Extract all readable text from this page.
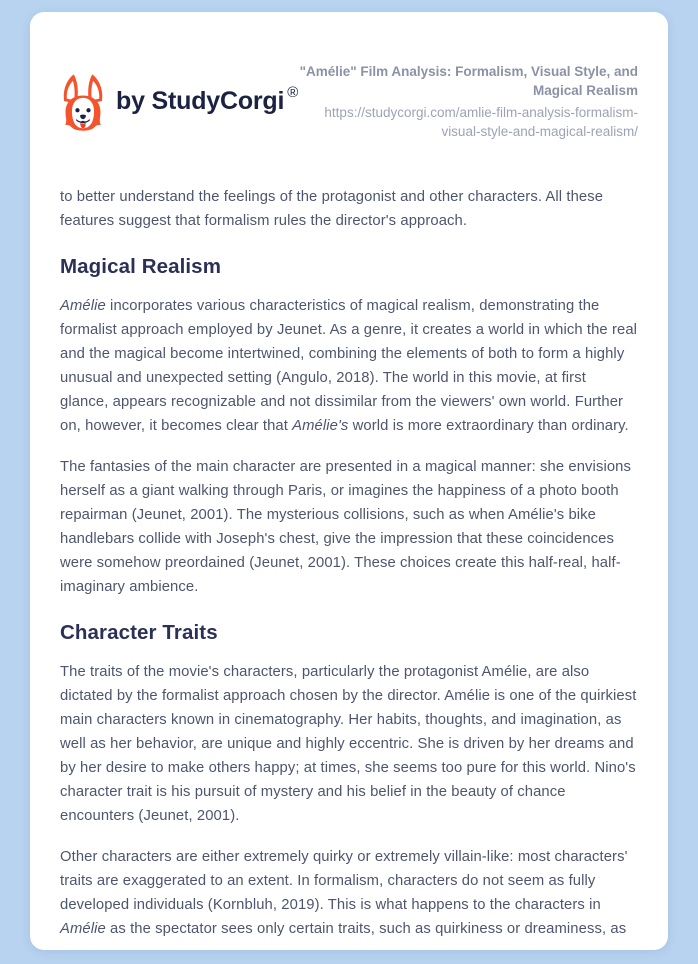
by StudyCorgi ®
"Amélie" Film Analysis: Formalism, Visual Style, and Magical Realism
https://studycorgi.com/amlie-film-analysis-formalism-visual-style-and-magical-realism/

to better understand the feelings of the protagonist and other characters. All these features suggest that formalism rules the director's approach.

Magical Realism

Amélie incorporates various characteristics of magical realism, demonstrating the formalist approach employed by Jeunet. As a genre, it creates a world in which the real and the magical become intertwined, combining the elements of both to form a highly unusual and unexpected setting (Angulo, 2018). The world in this movie, at first glance, appears recognizable and not dissimilar from the viewers' own world. Further on, however, it becomes clear that Amélie's world is more extraordinary than ordinary.

The fantasies of the main character are presented in a magical manner: she envisions herself as a giant walking through Paris, or imagines the happiness of a photo booth repairman (Jeunet, 2001). The mysterious collisions, such as when Amélie's bike handlebars collide with Joseph's chest, give the impression that these coincidences were somehow preordained (Jeunet, 2001). These choices create this half-real, half-imaginary ambience.

Character Traits

The traits of the movie's characters, particularly the protagonist Amélie, are also dictated by the formalist approach chosen by the director. Amélie is one of the quirkiest main characters known in cinematography. Her habits, thoughts, and imagination, as well as her behavior, are unique and highly eccentric. She is driven by her dreams and by her desire to make others happy; at times, she seems too pure for this world. Nino's character trait is his pursuit of mystery and his belief in the beauty of chance encounters (Jeunet, 2001).

Other characters are either extremely quirky or extremely villain-like: most characters' traits are exaggerated to an extent. In formalism, characters do not seem as fully developed individuals (Kornbluh, 2019). This is what happens to the characters in Amélie as the spectator sees only certain traits, such as quirkiness or dreaminess, as
